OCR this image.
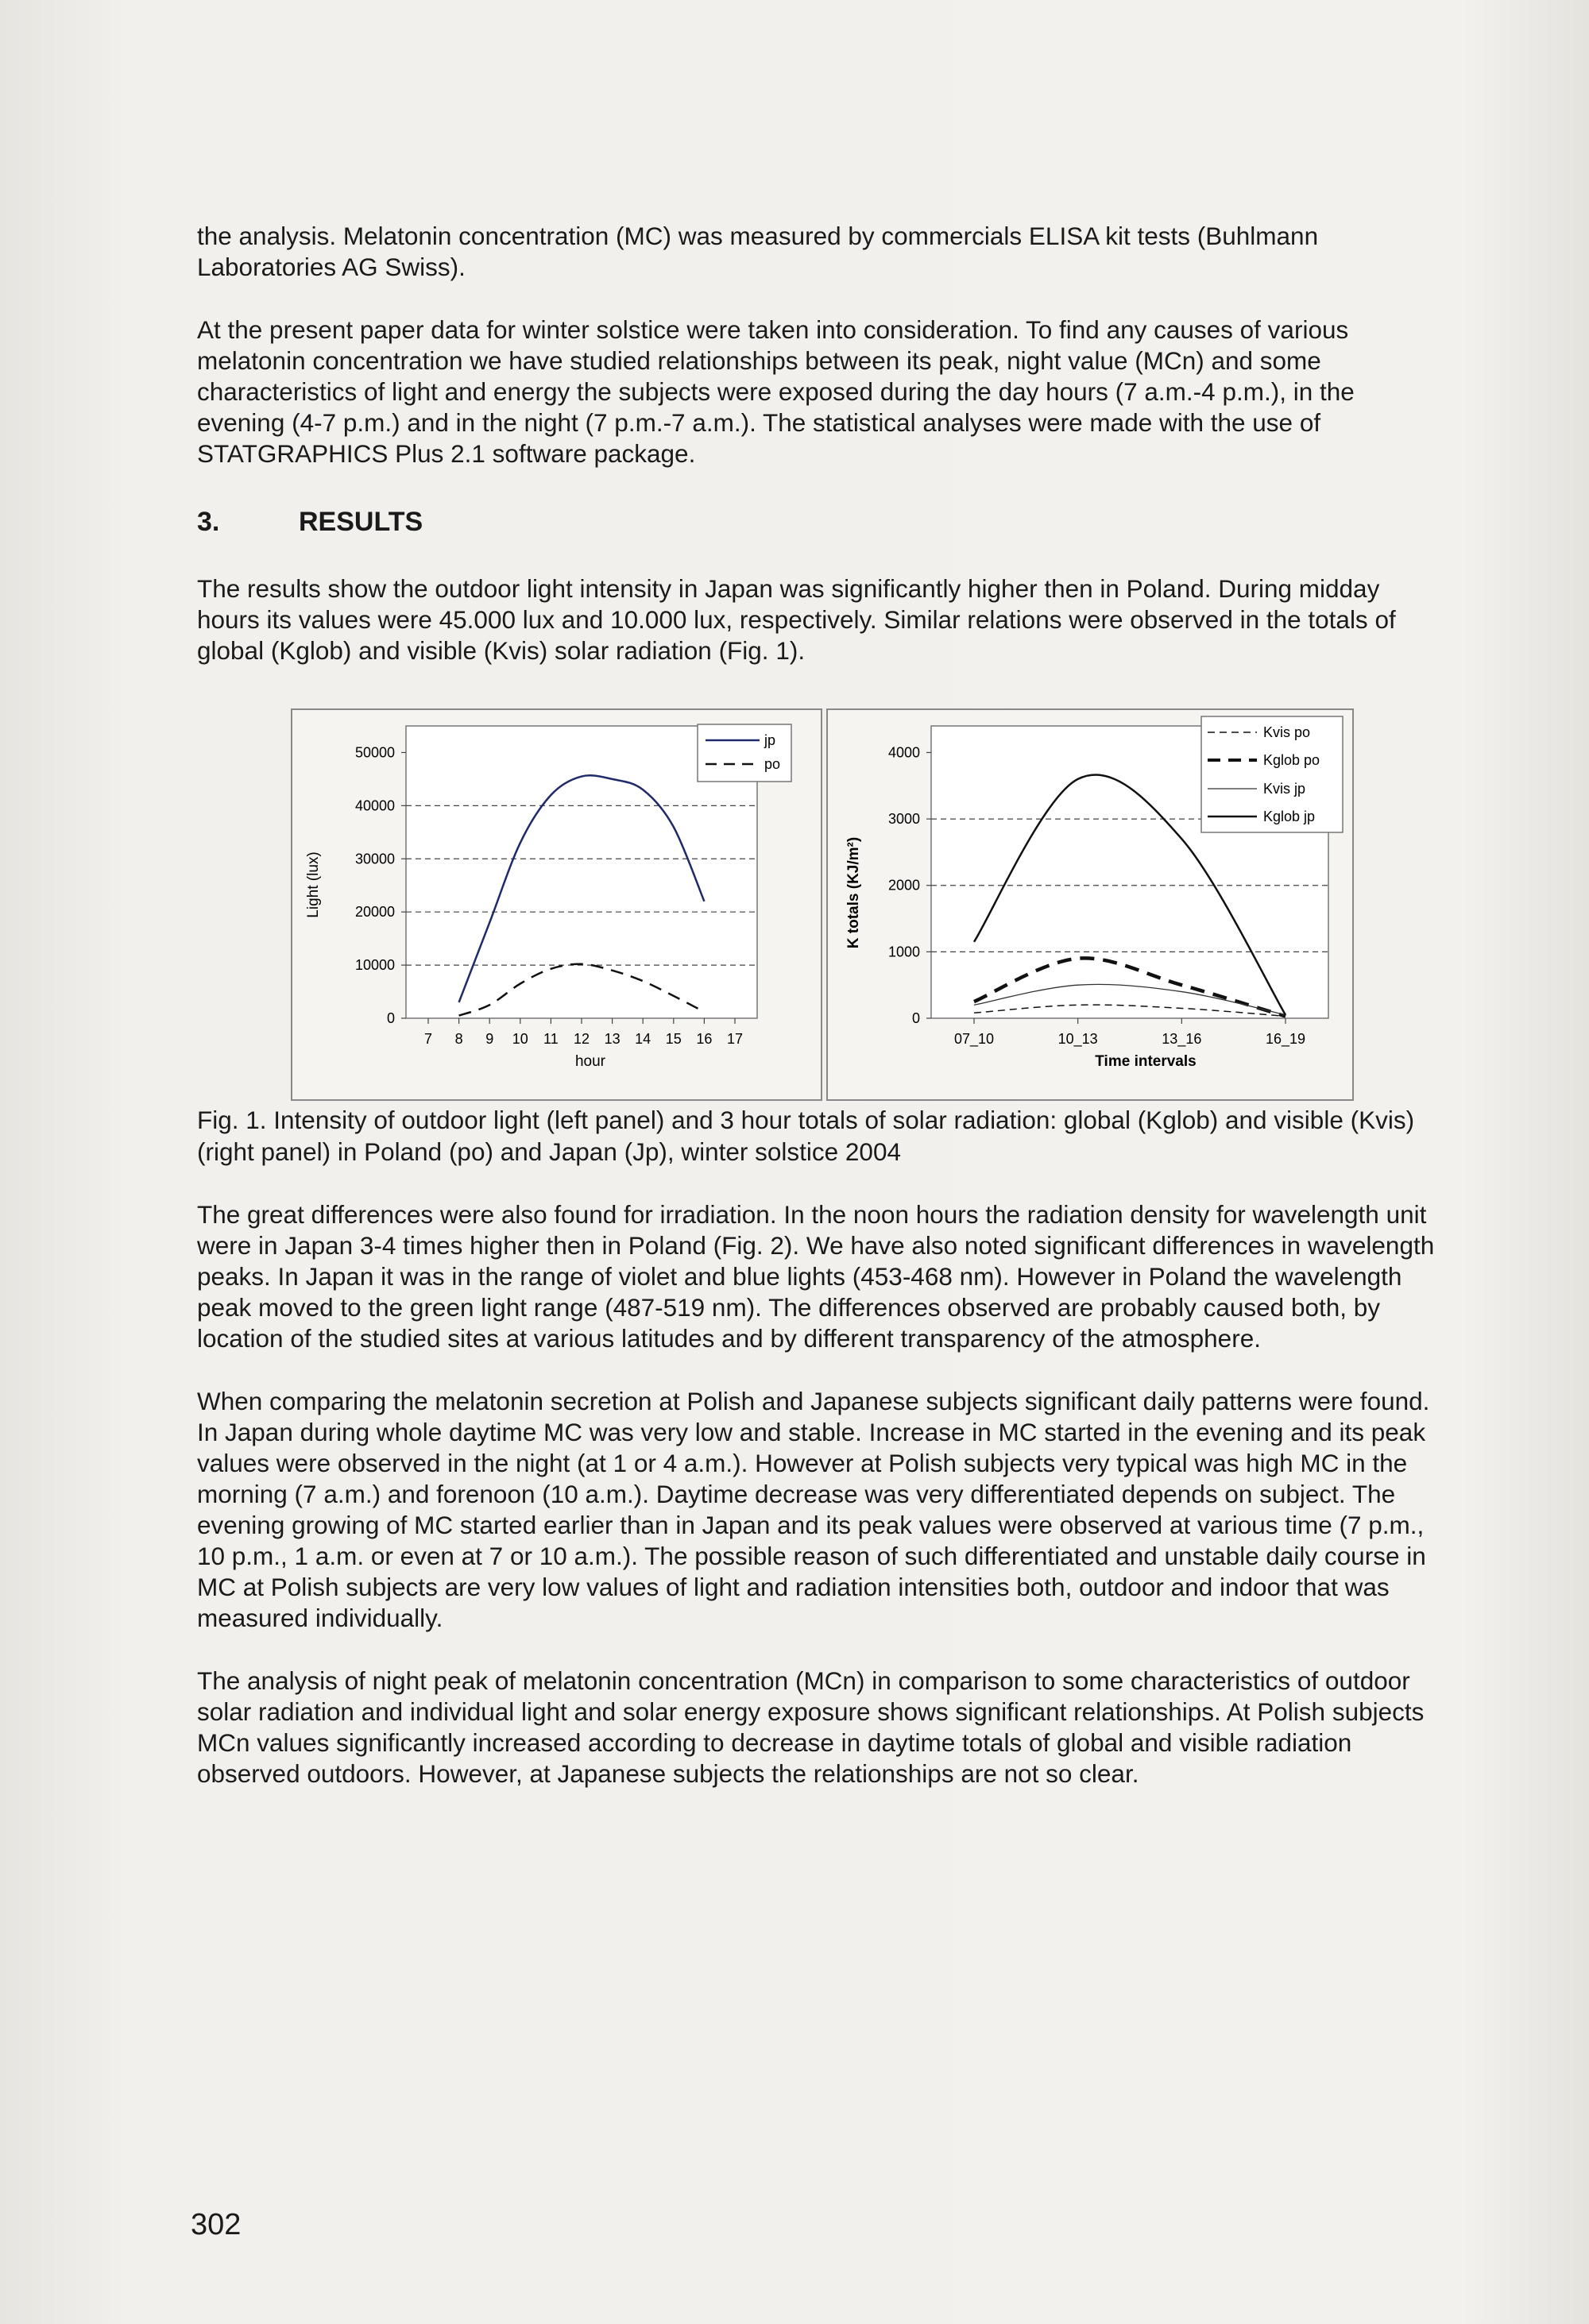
the analysis. Melatonin concentration (MC) was measured by commercials ELISA kit tests (Buhlmann Laboratories AG Swiss).

At the present paper data for winter solstice were taken into consideration. To find any causes of various melatonin concentration we have studied relationships between its peak, night value (MCn) and some characteristics of light and energy the subjects were exposed during the day hours (7 a.m.-4 p.m.), in the evening (4-7 p.m.) and in the night (7 p.m.-7 a.m.). The statistical analyses were made with the use of STATGRAPHICS Plus 2.1 software package.

3.	RESULTS

The results show the outdoor light intensity in Japan was significantly higher then in Poland. During midday hours its values were 45.000 lux and 10.000 lux, respectively. Similar relations were observed in the totals of global (Kglob) and visible (Kvis) solar radiation (Fig. 1).

0
10000
20000
30000
40000
50000
7 8 9 10 11 12 13 14 15 16 17
Light (lux)
hour
jp
po
0
1000
2000
3000
4000
07_10	10_13	13_16	16_19
K totals (KJ/m²)
Time intervals
Kvis po
Kglob po
Kvis jp
Kglob jp
Fig. 1. Intensity of outdoor light (left panel) and 3 hour totals of solar radiation: global (Kglob) and visible (Kvis) (right panel) in Poland (po) and Japan (Jp), winter solstice 2004

The great differences were also found for irradiation. In the noon hours the radiation density for wavelength unit were in Japan 3-4 times higher then in Poland (Fig. 2). We have also noted significant differences in wavelength peaks. In Japan it was in the range of violet and blue lights (453-468 nm). However in Poland the wavelength peak moved to the green light range (487-519 nm). The differences observed are probably caused both, by location of the studied sites at various latitudes and by different transparency of the atmosphere.

When comparing the melatonin secretion at Polish and Japanese subjects significant daily patterns were found. In Japan during whole daytime MC was very low and stable. Increase in MC started in the evening and its peak values were observed in the night (at 1 or 4 a.m.). However at Polish subjects very typical was high MC in the morning (7 a.m.) and forenoon (10 a.m.). Daytime decrease was very differentiated depends on subject. The evening growing of MC started earlier than in Japan and its peak values were observed at various time (7 p.m., 10 p.m., 1 a.m. or even at 7 or 10 a.m.). The possible reason of such differentiated and unstable daily course in MC at Polish subjects are very low values of light and radiation intensities both, outdoor and indoor that was measured individually.

The analysis of night peak of melatonin concentration (MCn) in comparison to some characteristics of outdoor solar radiation and individual light and solar energy exposure shows significant relationships. At Polish subjects MCn values significantly increased according to decrease in daytime totals of global and visible radiation observed outdoors. However, at Japanese subjects the relationships are not so clear.

302
